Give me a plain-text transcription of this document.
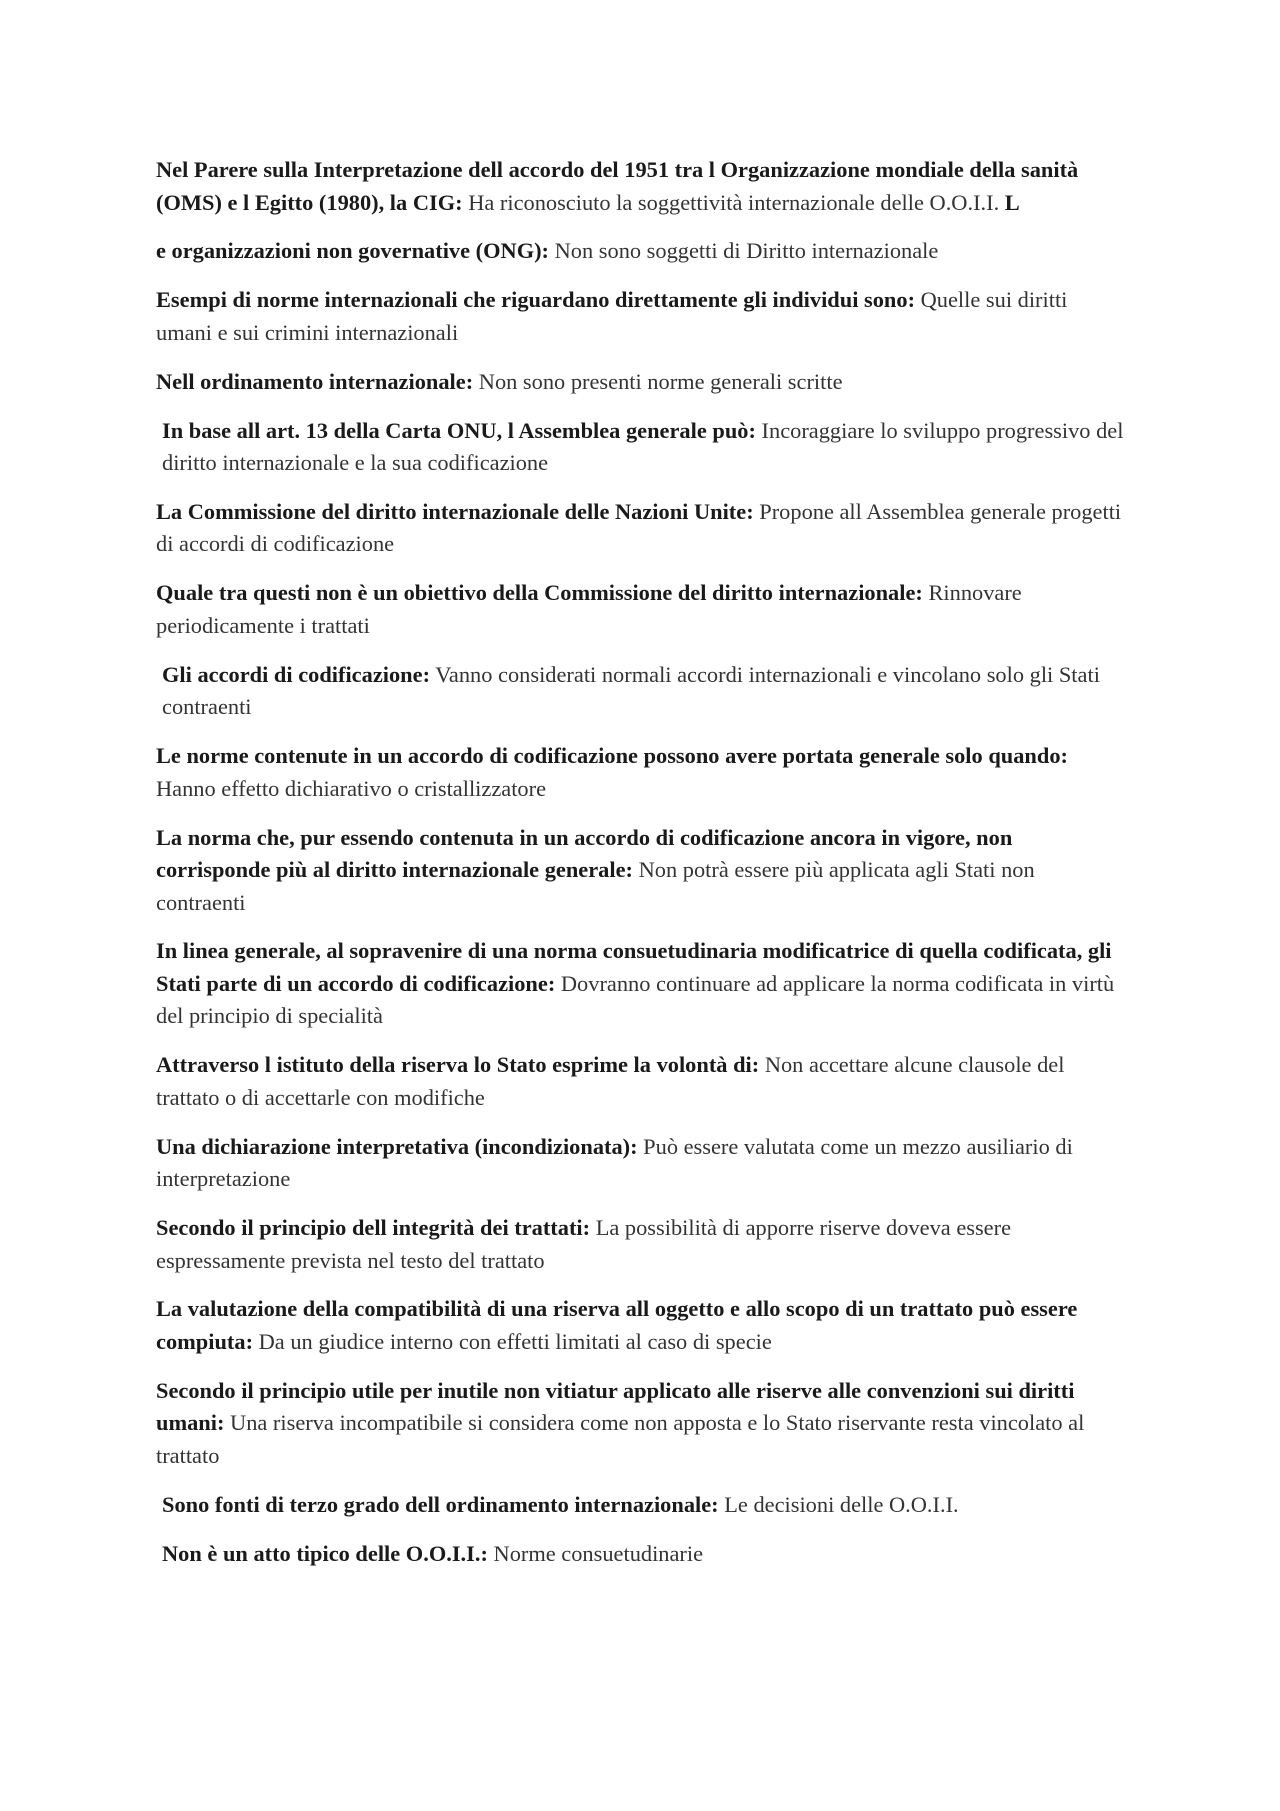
Nel Parere sulla Interpretazione dell accordo del 1951 tra l Organizzazione mondiale della sanità (OMS) e l Egitto (1980), la CIG: Ha riconosciuto la soggettività internazionale delle O.O.I.I. L

e organizzazioni non governative (ONG): Non sono soggetti di Diritto internazionale

Esempi di norme internazionali che riguardano direttamente gli individui sono: Quelle sui diritti umani e sui crimini internazionali

Nell ordinamento internazionale: Non sono presenti norme generali scritte

In base all art. 13 della Carta ONU, l Assemblea generale può: Incoraggiare lo sviluppo progressivo del diritto internazionale e la sua codificazione

La Commissione del diritto internazionale delle Nazioni Unite: Propone all Assemblea generale progetti di accordi di codificazione

Quale tra questi non è un obiettivo della Commissione del diritto internazionale: Rinnovare periodicamente i trattati

Gli accordi di codificazione: Vanno considerati normali accordi internazionali e vincolano solo gli Stati contraenti

Le norme contenute in un accordo di codificazione possono avere portata generale solo quando: Hanno effetto dichiarativo o cristallizzatore

La norma che, pur essendo contenuta in un accordo di codificazione ancora in vigore, non corrisponde più al diritto internazionale generale: Non potrà essere più applicata agli Stati non contraenti

In linea generale, al sopravenire di una norma consuetudinaria modificatrice di quella codificata, gli Stati parte di un accordo di codificazione: Dovranno continuare ad applicare la norma codificata in virtù del principio di specialità

Attraverso l istituto della riserva lo Stato esprime la volontà di: Non accettare alcune clausole del trattato o di accettarle con modifiche

Una dichiarazione interpretativa (incondizionata): Può essere valutata come un mezzo ausiliario di interpretazione

Secondo il principio dell integrità dei trattati: La possibilità di apporre riserve doveva essere espressamente prevista nel testo del trattato

La valutazione della compatibilità di una riserva all oggetto e allo scopo di un trattato può essere compiuta: Da un giudice interno con effetti limitati al caso di specie

Secondo il principio utile per inutile non vitiatur applicato alle riserve alle convenzioni sui diritti umani: Una riserva incompatibile si considera come non apposta e lo Stato riservante resta vincolato al trattato

Sono fonti di terzo grado dell ordinamento internazionale: Le decisioni delle O.O.I.I.

Non è un atto tipico delle O.O.I.I.: Norme consuetudinarie
